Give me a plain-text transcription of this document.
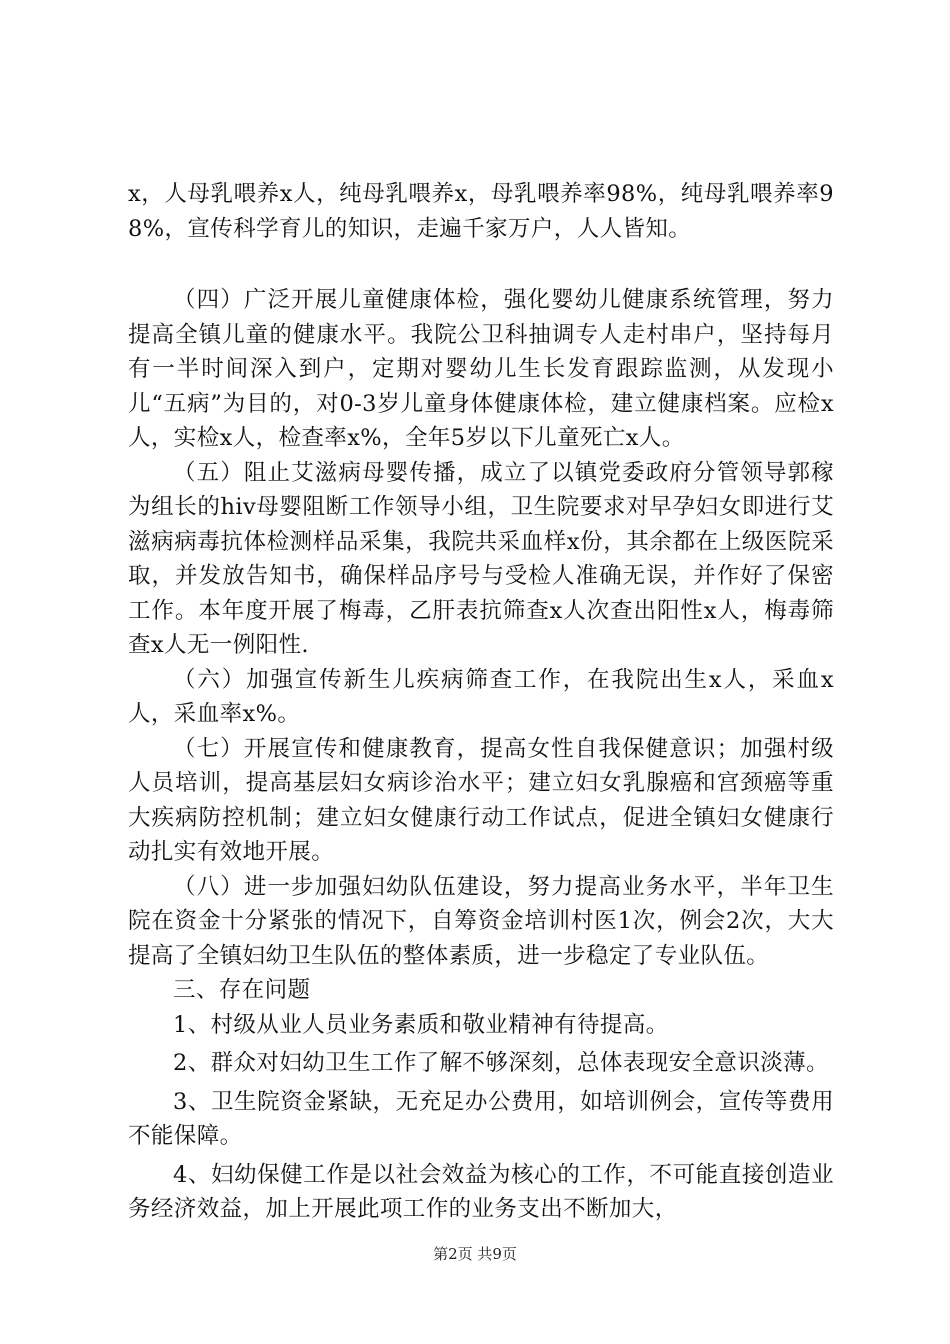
x，人母乳喂养x人，纯母乳喂养x，母乳喂养率98%，纯母乳喂养率98%，宣传科学育儿的知识，走遍千家万户，人人皆知。

（四）广泛开展儿童健康体检，强化婴幼儿健康系统管理，努力提高全镇儿童的健康水平。我院公卫科抽调专人走村串户，坚持每月有一半时间深入到户，定期对婴幼儿生长发育跟踪监测，从发现小儿“五病”为目的，对0-3岁儿童身体健康体检，建立健康档案。应检x人，实检x人，检查率x%，全年5岁以下儿童死亡x人。

（五）阻止艾滋病母婴传播，成立了以镇党委政府分管领导郭稼为组长的hiv母婴阻断工作领导小组，卫生院要求对早孕妇女即进行艾滋病病毒抗体检测样品采集，我院共采血样x份，其余都在上级医院采取，并发放告知书，确保样品序号与受检人准确无误，并作好了保密工作。本年度开展了梅毒，乙肝表抗筛查x人次查出阳性x人，梅毒筛查x人无一例阳性.

（六）加强宣传新生儿疾病筛查工作，在我院出生x人，采血x人，采血率x%。

（七）开展宣传和健康教育，提高女性自我保健意识；加强村级人员培训，提高基层妇女病诊治水平；建立妇女乳腺癌和宫颈癌等重大疾病防控机制；建立妇女健康行动工作试点，促进全镇妇女健康行动扎实有效地开展。

（八）进一步加强妇幼队伍建设，努力提高业务水平，半年卫生院在资金十分紧张的情况下，自筹资金培训村医1次，例会2次，大大提高了全镇妇幼卫生队伍的整体素质，进一步稳定了专业队伍。

三、存在问题

1、村级从业人员业务素质和敬业精神有待提高。

2、群众对妇幼卫生工作了解不够深刻，总体表现安全意识淡薄。

3、卫生院资金紧缺，无充足办公费用，如培训例会，宣传等费用不能保障。

4、妇幼保健工作是以社会效益为核心的工作，不可能直接创造业务经济效益，加上开展此项工作的业务支出不断加大，

第2页 共9页
